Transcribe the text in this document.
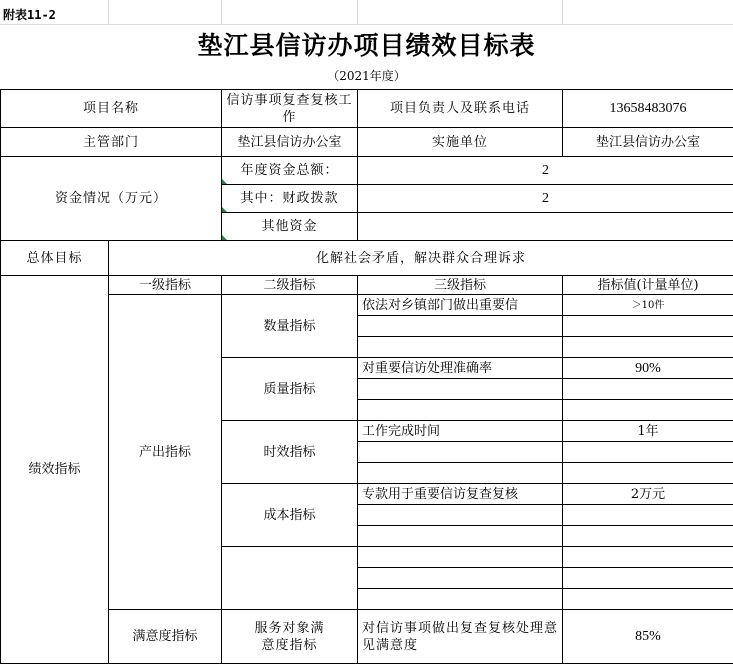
附表11-2
垫江县信访办项目绩效目标表
（2021年度）
项目名称		信访事项复查复核工作	项目负责人及联系电话	13658483076
主管部门		垫江县信访办公室	实施单位	垫江县信访办公室
资金情况（万元）		年度资金总额：	2	
		其中：财政拨款	2	
		其他资金		
总体目标	化解社会矛盾，解决群众合理诉求			
绩效指标	一级指标	二级指标	三级指标	指标值(计量单位)
	产出指标	数量指标	依法对乡镇部门做出重要信	＞10件

		质量指标	对重要信访处理准确率	90%

		时效指标	工作完成时间	1年

		成本指标	专款用于重要信访复查复核	2万元

	满意度指标	服务对象满意度指标	对信访事项做出复查复核处理意见满意度	85%
